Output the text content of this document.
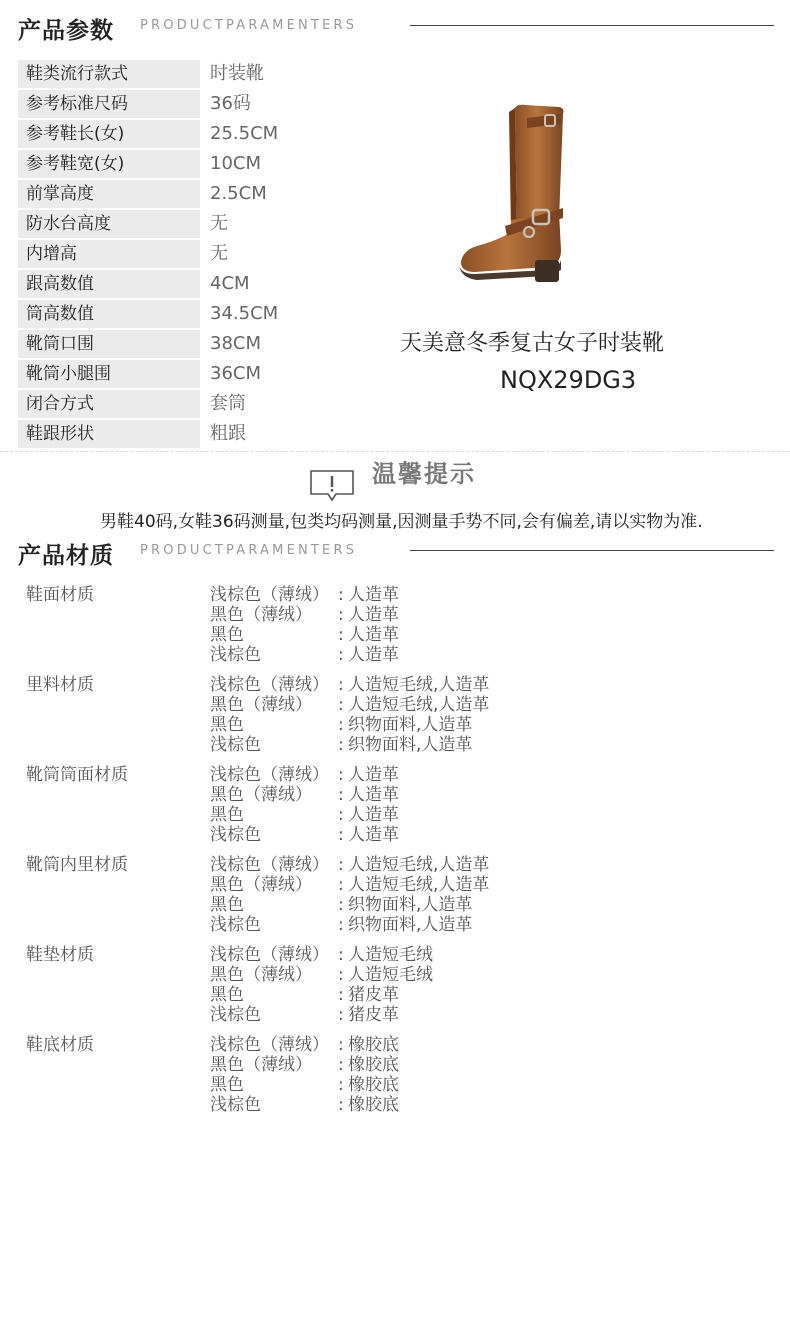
产品参数 PRODUCTPARAMENTERS
鞋类流行款式	时装靴
参考标准尺码	36码
参考鞋长(女)	25.5CM
参考鞋宽(女)	10CM
前掌高度	2.5CM
防水台高度	无
内增高	无
跟高数值	4CM
筒高数值	34.5CM
靴筒口围	38CM
靴筒小腿围	36CM
闭合方式	套筒
鞋跟形状	粗跟
天美意冬季复古女子时装靴
NQX29DG3
温馨提示
男鞋40码,女鞋36码测量,包类均码测量,因测量手势不同,会有偏差,请以实物为准.
产品材质 PRODUCTPARAMENTERS
鞋面材质	浅棕色（薄绒） : 人造革
黑色（薄绒） : 人造革
黑色	: 人造革
浅棕色	: 人造革
里料材质	浅棕色（薄绒） : 人造短毛绒,人造革
黑色（薄绒） : 人造短毛绒,人造革
黑色	: 织物面料,人造革
浅棕色	: 织物面料,人造革
靴筒筒面材质	浅棕色（薄绒） : 人造革
黑色（薄绒） : 人造革
黑色	: 人造革
浅棕色	: 人造革
靴筒内里材质	浅棕色（薄绒） : 人造短毛绒,人造革
黑色（薄绒） : 人造短毛绒,人造革
黑色	: 织物面料,人造革
浅棕色	: 织物面料,人造革
鞋垫材质	浅棕色（薄绒） : 人造短毛绒
黑色（薄绒） : 人造短毛绒
黑色	: 猪皮革
浅棕色	: 猪皮革
鞋底材质	浅棕色（薄绒） : 橡胶底
黑色（薄绒） : 橡胶底
黑色	: 橡胶底
浅棕色	: 橡胶底
